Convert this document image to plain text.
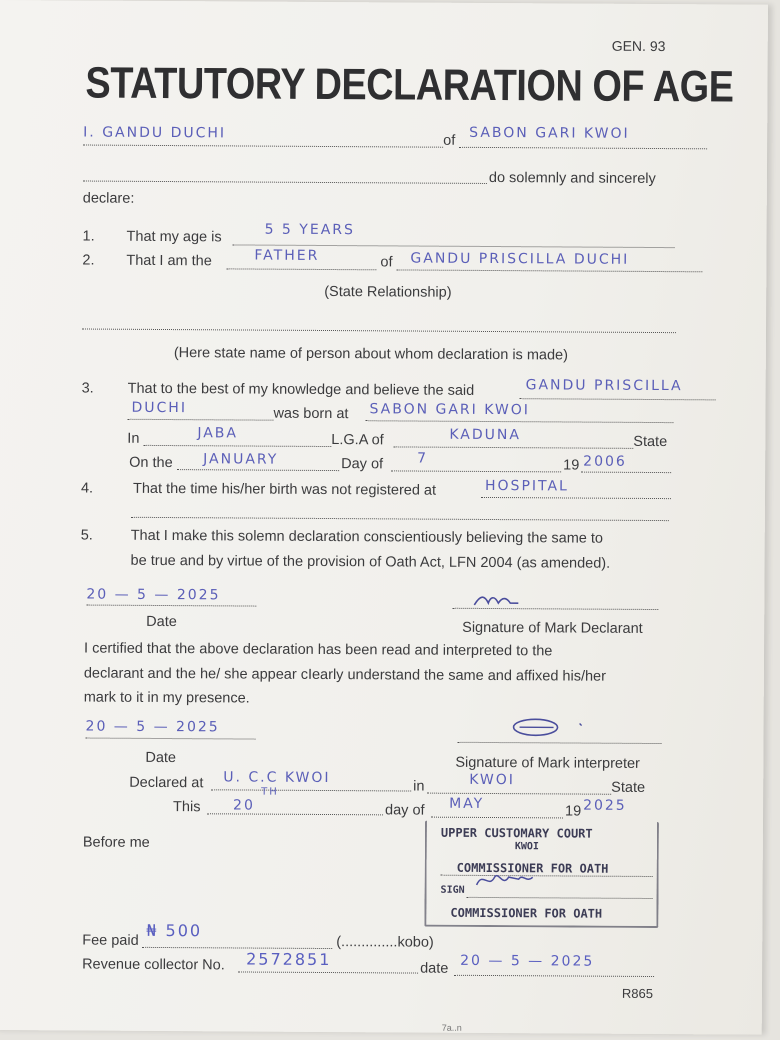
GEN. 93
STATUTORY DECLARATION OF AGE
I. GANDU DUCHI	of SABON GARI KWOI
do solemnly and sincerely
declare:
1. That my age is	5 5 YEARS
2. That I am the	FATHER	of GANDU PRISCILLA DUCHI
(State Relationship)
(Here state name of person about whom declaration is made)
3. That to the best of my knowledge and believe the said	GANDU PRISCILLA
DUCHI	was born at SABON GARI KWOI
In	JABA	L.G.A of	KADUNA	State
On the JANUARY	Day of 7	19 2006
4.	That the time his/her birth was not registered at	HOSPITAL
5.	That I make this solemn declaration conscientiously believing the same to
be true and by virtue of the provision of Oath Act, LFN 2004 (as amended).
20 — 5 — 2025
Date	Signature of Mark Declarant
I certified that the above declaration has been read and interpreted to the
declarant and the he/ she appear cIearly understand the same and affixed his/her
mark to it in my presence.
20 — 5 — 2025
Date	Signature of Mark interpreter
Declared at U. C.C KWOI
in	KWOI	State
This 20
TH
day of MAY	19 2025
Before me
UPPER CUSTOMARY COURT
KWOI
COMMISSIONER FOR OATH
SIGN
COMMISSIONER FOR OATH
Fee paid
₦ 500
(..............kobo)
Revenue collector No. 2572851	date 20 — 5 — 2025
R865
7a..n
